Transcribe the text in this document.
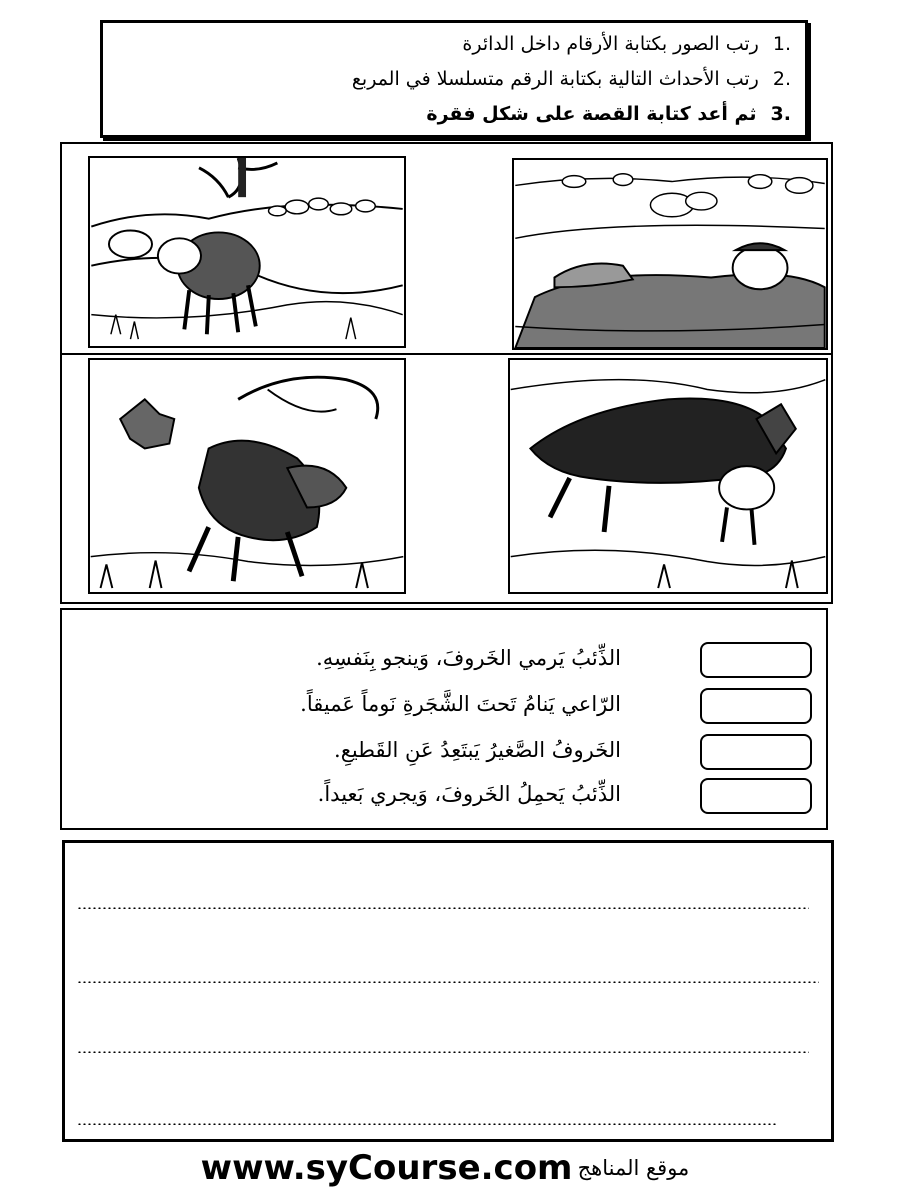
.1رتب الصور بكتابة الأرقام داخل الدائرة
.2رتب الأحداث التالية بكتابة الرقم متسلسلا في المربع
.3ثم أعد كتابة القصة على شكل فقرة
الذِّئبُ يَرمي الخَروفَ، وَينجو بِنَفسِهِ.
الرّاعي يَنامُ تَحتَ الشَّجَرةِ نَوماً عَميقاً.
الخَروفُ الصَّغيرُ يَبتَعِدُ عَنِ القَطيعِ.
الذِّئبُ يَحمِلُ الخَروفَ، وَيجري بَعيداً.
www.syCourse.com موقع المناهج
